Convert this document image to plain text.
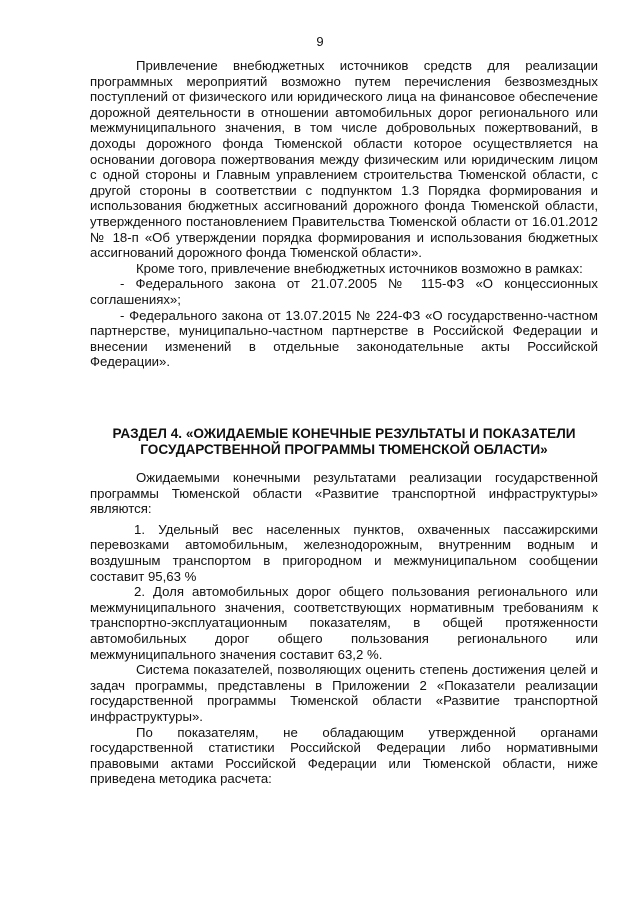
9

Привлечение внебюджетных источников средств для реализации программных мероприятий возможно путем перечисления безвозмездных поступлений от физического или юридического лица на финансовое обеспечение дорожной деятельности в отношении автомобильных дорог регионального или межмуниципального значения, в том числе добровольных пожертвований, в доходы дорожного фонда Тюменской области которое осуществляется на основании договора пожертвования между физическим или юридическим лицом с одной стороны и Главным управлением строительства Тюменской области, с другой стороны в соответствии с подпунктом 1.3 Порядка формирования и использования бюджетных ассигнований дорожного фонда Тюменской области, утвержденного постановлением Правительства Тюменской области от 16.01.2012 № 18-п «Об утверждении порядка формирования и использования бюджетных ассигнований дорожного фонда Тюменской области».

Кроме того, привлечение внебюджетных источников возможно в рамках:

- Федерального закона от 21.07.2005 № 115-ФЗ «О концессионных соглашениях»;

- Федерального закона от 13.07.2015 № 224-ФЗ «О государственно-частном партнерстве, муниципально-частном партнерстве в Российской Федерации и внесении изменений в отдельные законодательные акты Российской Федерации».

РАЗДЕЛ 4. «ОЖИДАЕМЫЕ КОНЕЧНЫЕ РЕЗУЛЬТАТЫ И ПОКАЗАТЕЛИ ГОСУДАРСТВЕННОЙ ПРОГРАММЫ ТЮМЕНСКОЙ ОБЛАСТИ»

Ожидаемыми конечными результатами реализации государственной программы Тюменской области «Развитие транспортной инфраструктуры» являются:

1. Удельный вес населенных пунктов, охваченных пассажирскими перевозками автомобильным, железнодорожным, внутренним водным и воздушным транспортом в пригородном и межмуниципальном сообщении составит 95,63 %

2. Доля автомобильных дорог общего пользования регионального или межмуниципального значения, соответствующих нормативным требованиям к транспортно-эксплуатационным показателям, в общей протяженности автомобильных дорог общего пользования регионального или межмуниципального значения составит 63,2 %.

Система показателей, позволяющих оценить степень достижения целей и задач программы, представлены в Приложении 2 «Показатели реализации государственной программы Тюменской области «Развитие транспортной инфраструктуры».

По показателям, не обладающим утвержденной органами государственной статистики Российской Федерации либо нормативными правовыми актами Российской Федерации или Тюменской области, ниже приведена методика расчета:
